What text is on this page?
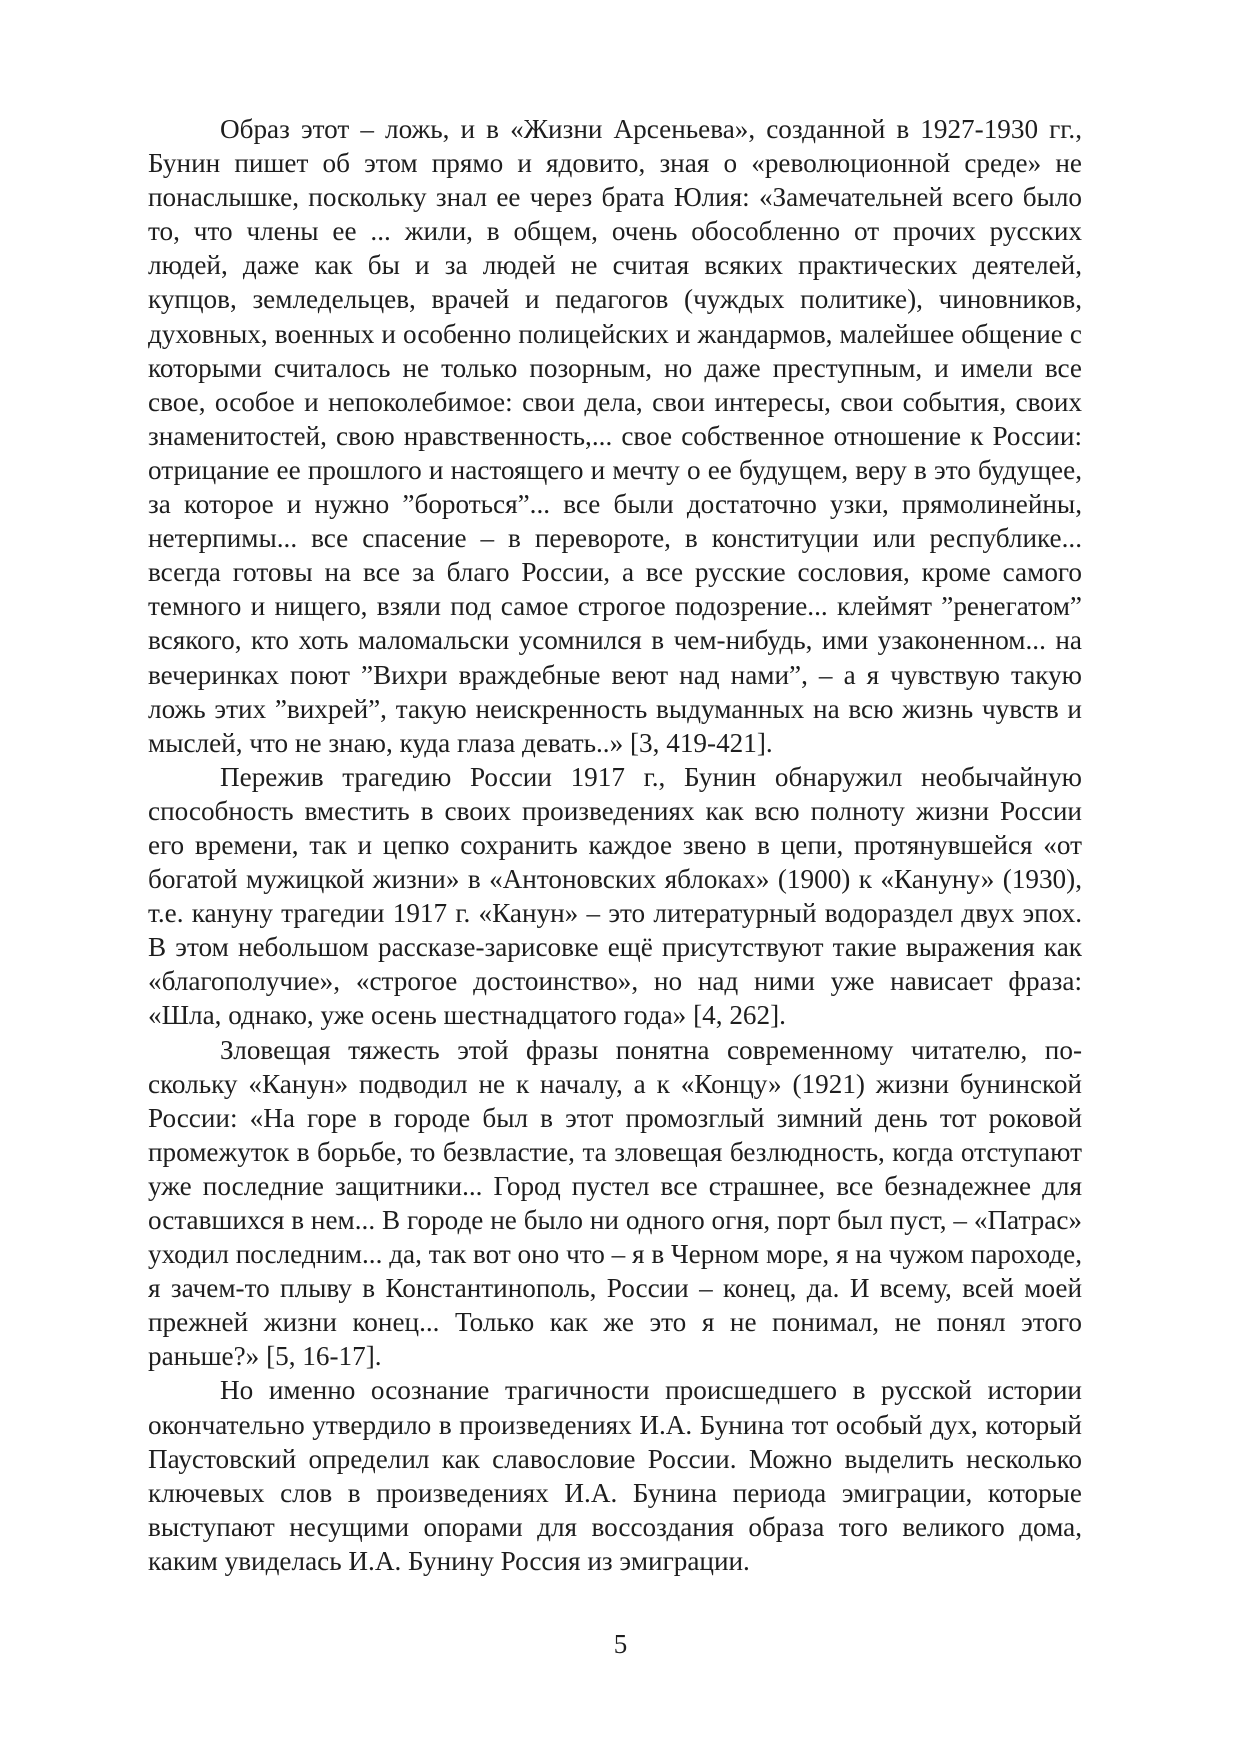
Образ этот – ложь, и в «Жизни Арсеньева», созданной в 1927-1930 гг., Бунин пишет об этом прямо и ядовито, зная о «революционной среде» не понаслышке, поскольку знал ее через брата Юлия: «Замечательней всего было то, что члены ее ... жили, в общем, очень обособленно от прочих русских людей, даже как бы и за людей не считая всяких практических деятелей, купцов, земледельцев, врачей и педагогов (чуждых политике), чиновников, духовных, военных и особенно полицейских и жандармов, малейшее общение с которыми считалось не только позорным, но даже преступным, и имели все свое, особое и непоколебимое: свои дела, свои интересы, свои события, своих знаменитостей, свою нравственность,... свое собственное отношение к России: отрицание ее прошлого и настоящего и мечту о ее будущем, веру в это будущее, за которое и нужно ”бороться”... все были достаточно узки, прямолинейны, нетерпимы... все спасение – в перевороте, в конституции или республике... всегда готовы на все за благо России, а все русские сословия, кроме самого темного и нищего, взяли под самое строгое подозрение... клеймят ”ренегатом” всякого, кто хоть маломальски усомнился в чем-нибудь, ими узаконенном... на вечеринках поют ”Вихри враждебные веют над нами”, – а я чувствую такую ложь этих ”вихрей”, такую неискренность выдуманных на всю жизнь чувств и мыслей, что не знаю, куда глаза девать..» [3, 419-421].

Пережив трагедию России 1917 г., Бунин обнаружил необычайную способность вместить в своих произведениях как всю полноту жизни России его времени, так и цепко сохранить каждое звено в цепи, протянувшейся «от богатой мужицкой жизни» в «Антоновских яблоках» (1900) к «Кануну» (1930), т.е. кануну трагедии 1917 г. «Канун» – это литературный водораздел двух эпох. В этом небольшом рассказе-зарисовке ещё присутствуют такие выражения как «благополучие», «строгое достоинство», но над ними уже нависает фраза: «Шла, однако, уже осень шестнадцатого года» [4, 262].

Зловещая тяжесть этой фразы понятна современному читателю, поскольку «Канун» подводил не к началу, а к «Концу» (1921) жизни бунинской России: «На горе в городе был в этот промозглый зимний день тот роковой промежуток в борьбе, то безвластие, та зловещая безлюдность, когда отступают уже последние защитники... Город пустел все страшнее, все безнадежнее для оставшихся в нем... В городе не было ни одного огня, порт был пуст, – «Патрас» уходил последним... да, так вот оно что – я в Черном море, я на чужом пароходе, я зачем-то плыву в Константинополь, России – конец, да. И всему, всей моей прежней жизни конец... Только как же это я не понимал, не понял этого раньше?» [5, 16-17].

Но именно осознание трагичности происшедшего в русской истории окончательно утвердило в произведениях И.А. Бунина тот особый дух, который Паустовский определил как славословие России. Можно выделить несколько ключевых слов в произведениях И.А. Бунина периода эмиграции, которые выступают несущими опорами для воссоздания образа того великого дома, каким увиделась И.А. Бунину Россия из эмиграции.

5
